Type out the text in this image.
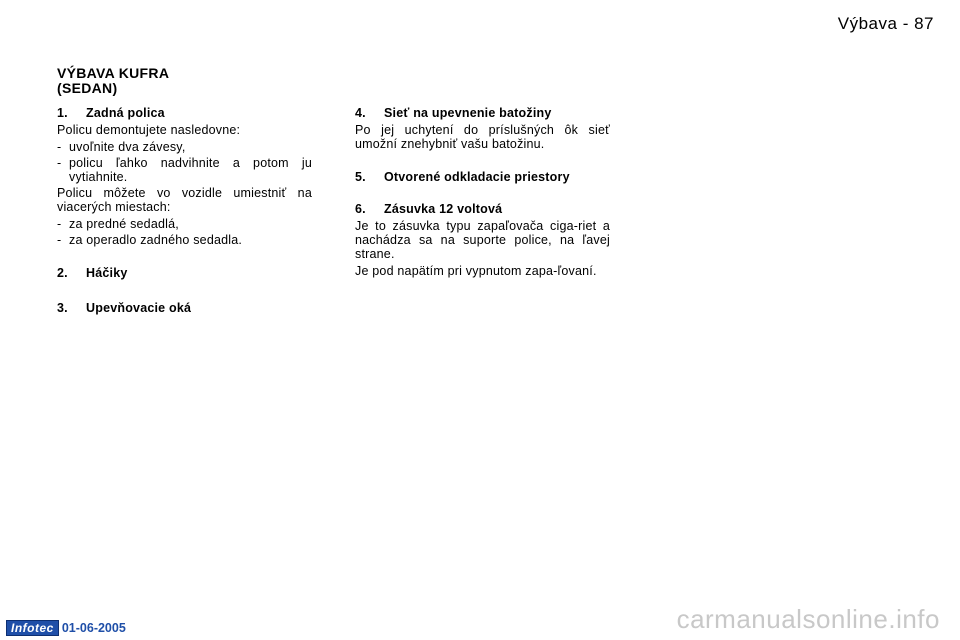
Výbava - 87
VÝBAVA KUFRA
(SEDAN)

1. Zadná polica

Policu demontujete nasledovne:

- uvoľnite dva závesy,
- policu ľahko nadvihnite a potom ju vytiahnite.

Policu môžete vo vozidle umiestniť na viacerých miestach:

- za predné sedadlá,
- za operadlo zadného sedadla.

2. Háčiky

3. Upevňovacie oká

4. Sieť na upevnenie batožiny

Po jej uchytení do príslušných ôk sieť umožní znehybniť vašu batožinu.

5. Otvorené odkladacie priestory

6. Zásuvka 12 voltová

Je to zásuvka typu zapaľovača ciga-riet a nachádza sa na suporte police, na ľavej strane.

Je pod napätím pri vypnutom zapa-ľovaní.

Infotec 01-06-2005	carmanualsonline.info
